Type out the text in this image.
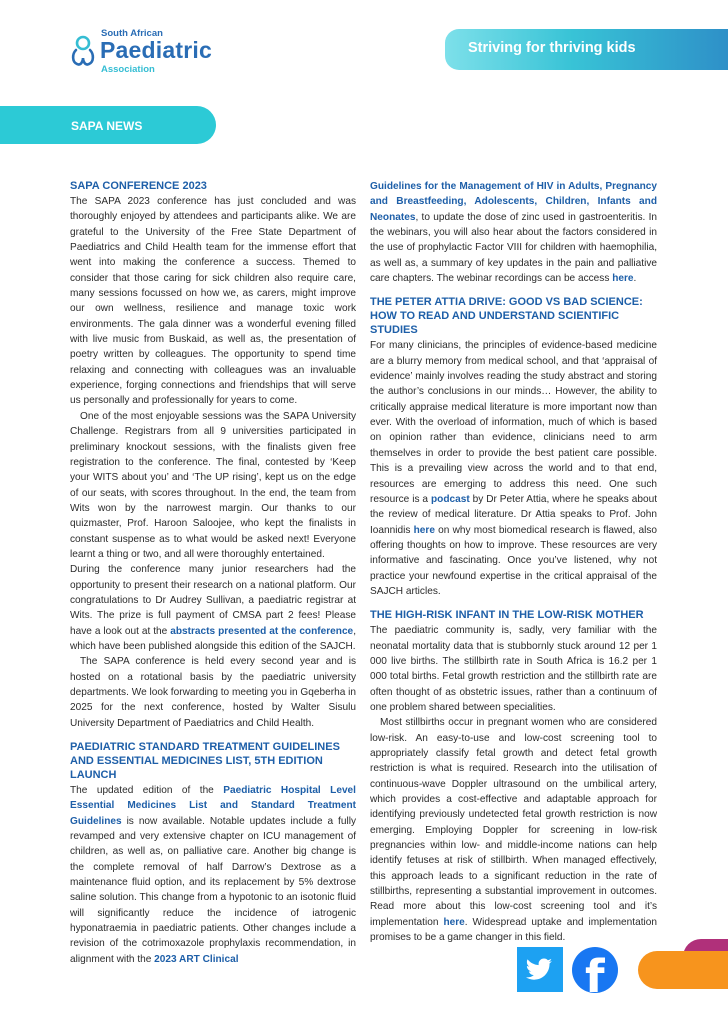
South African
Paediatric
Association
Striving for thriving kids
SAPA NEWS
SAPA CONFERENCE 2023

The SAPA 2023 conference has just concluded and was thoroughly enjoyed by attendees and participants alike. We are grateful to the University of the Free State Department of Paediatrics and Child Health team for the immense effort that went into making the conference a success. Themed to consider that those caring for sick children also require care, many sessions focussed on how we, as carers, might improve our own wellness, resilience and manage toxic work environments. The gala dinner was a wonderful evening filled with live music from Buskaid, as well as, the presentation of poetry written by colleagues. The opportunity to spend time relaxing and connecting with colleagues was an invaluable experience, forging connections and friendships that will serve us personally and professionally for years to come.

One of the most enjoyable sessions was the SAPA University Challenge. Registrars from all 9 universities participated in preliminary knockout sessions, with the finalists given free registration to the conference. The final, contested by ‘Keep your WITS about you’ and ‘The UP rising’, kept us on the edge of our seats, with scores throughout. In the end, the team from Wits won by the narrowest margin. Our thanks to our quizmaster, Prof. Haroon Saloojee, who kept the finalists in constant suspense as to what would be asked next! Everyone learnt a thing or two, and all were thoroughly entertained.

During the conference many junior researchers had the opportunity to present their research on a national platform. Our congratulations to Dr Audrey Sullivan, a paediatric registrar at Wits. The prize is full payment of CMSA part 2 fees! Please have a look out at the abstracts presented at the conference, which have been published alongside this edition of the SAJCH.

The SAPA conference is held every second year and is hosted on a rotational basis by the paediatric university departments. We look forwarding to meeting you in Gqeberha in 2025 for the next conference, hosted by Walter Sisulu University Department of Paediatrics and Child Health.

PAEDIATRIC STANDARD TREATMENT GUIDELINES AND ESSENTIAL MEDICINES LIST, 5TH EDITION LAUNCH

The updated edition of the Paediatric Hospital Level Essential Medicines List and Standard Treatment Guidelines is now available. Notable updates include a fully revamped and very extensive chapter on ICU management of children, as well as, on palliative care. Another big change is the complete removal of half Darrow’s Dextrose as a maintenance fluid option, and its replacement by 5% dextrose saline solution. This change from a hypotonic to an isotonic fluid will significantly reduce the incidence of iatrogenic hyponatraemia in paediatric patients. Other changes include a revision of the cotrimoxazole prophylaxis recommendation, in alignment with the 2023 ART Clinical

Guidelines for the Management of HIV in Adults, Pregnancy and Breastfeeding, Adolescents, Children, Infants and Neonates, to update the dose of zinc used in gastroenteritis. In the webinars, you will also hear about the factors considered in the use of prophylactic Factor VIII for children with haemophilia, as well as, a summary of key updates in the pain and palliative care chapters. The webinar recordings can be access here.

THE PETER ATTIA DRIVE: GOOD VS BAD SCIENCE: HOW TO READ AND UNDERSTAND SCIENTIFIC STUDIES

For many clinicians, the principles of evidence-based medicine are a blurry memory from medical school, and that ‘appraisal of evidence’ mainly involves reading the study abstract and storing the author’s conclusions in our minds… However, the ability to critically appraise medical literature is more important now than ever. With the overload of information, much of which is based on opinion rather than evidence, clinicians need to arm themselves in order to provide the best patient care possible. This is a prevailing view across the world and to that end, resources are emerging to address this need. One such resource is a podcast by Dr Peter Attia, where he speaks about the review of medical literature. Dr Attia speaks to Prof. John Ioannidis here on why most biomedical research is flawed, also offering thoughts on how to improve. These resources are very informative and fascinating. Once you’ve listened, why not practice your newfound expertise in the critical appraisal of the SAJCH articles.

THE HIGH-RISK INFANT IN THE LOW-RISK MOTHER

The paediatric community is, sadly, very familiar with the neonatal mortality data that is stubbornly stuck around 12 per 1 000 live births. The stillbirth rate in South Africa is 16.2 per 1 000 total births. Fetal growth restriction and the stillbirth rate are often thought of as obstetric issues, rather than a continuum of one problem shared between specialities.

Most stillbirths occur in pregnant women who are considered low-risk. An easy-to-use and low-cost screening tool to appropriately classify fetal growth and detect fetal growth restriction is what is required. Research into the utilisation of continuous-wave Doppler ultrasound on the umbilical artery, which provides a cost-effective and adaptable approach for identifying previously undetected fetal growth restriction is now emerging. Employing Doppler for screening in low-risk pregnancies within low- and middle-income nations can help identify fetuses at risk of stillbirth. When managed effectively, this approach leads to a significant reduction in the rate of stillbirths, representing a substantial improvement in outcomes. Read more about this low-cost screening tool and it’s implementation here. Widespread uptake and implementation promises to be a game changer in this field.

f
